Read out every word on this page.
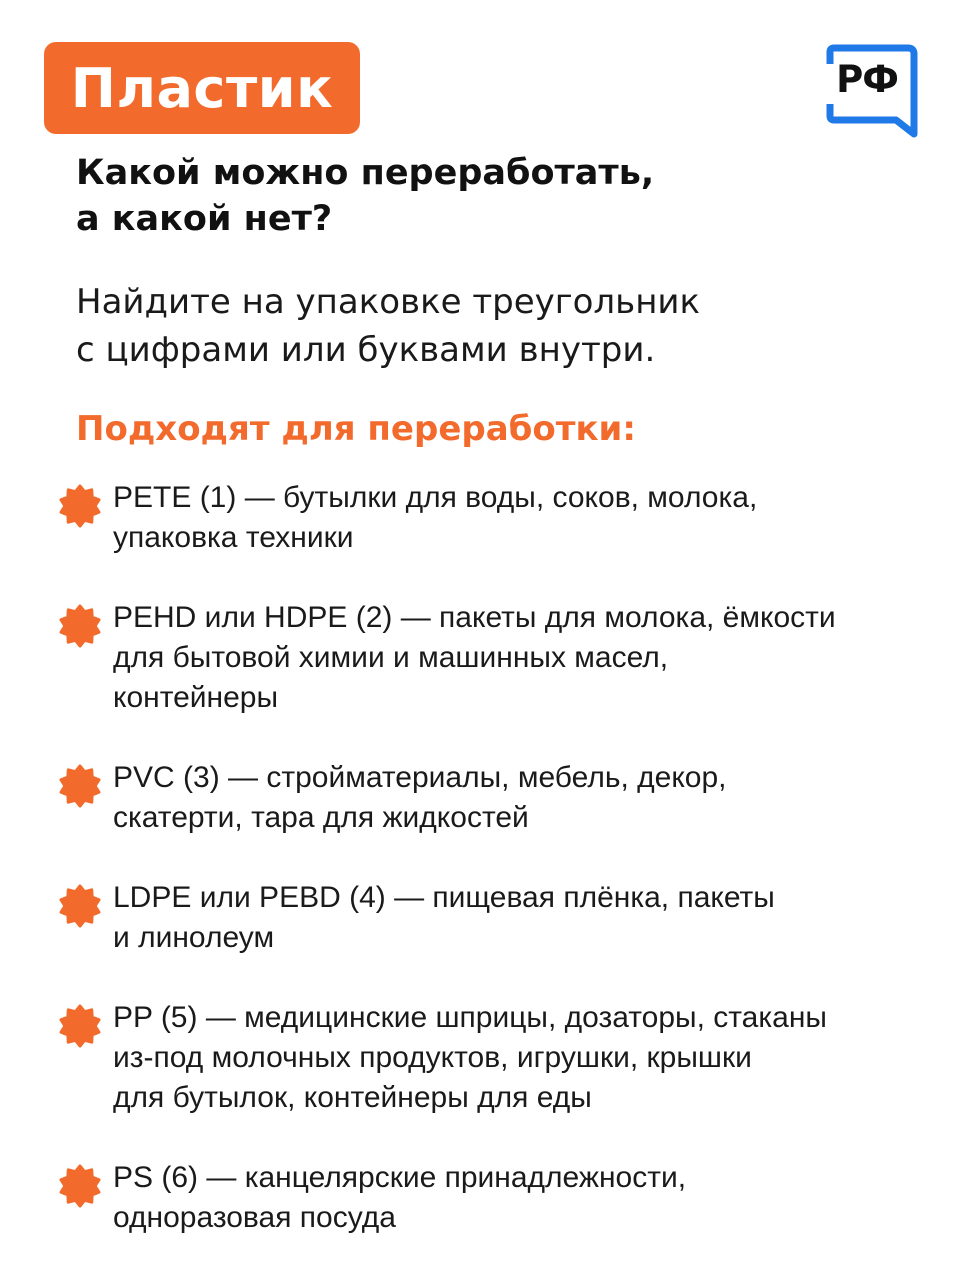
Пластик	РФ
Какой можно переработать,
а какой нет?
Найдите на упаковке треугольник
с цифрами или буквами внутри.
Подходят для переработки:
PETE (1) — бутылки для воды, соков, молока,
упаковка техники
PEHD или HDPE (2) — пакеты для молока, ёмкости
для бытовой химии и машинных масел,
контейнеры
PVC (3) — стройматериалы, мебель, декор,
скатерти, тара для жидкостей
LDPE или PEBD (4) — пищевая плёнка, пакеты
и линолеум
PP (5) — медицинские шприцы, дозаторы, стаканы
из-под молочных продуктов, игрушки, крышки
для бутылок, контейнеры для еды
PS (6) — канцелярские принадлежности,
одноразовая посуда
